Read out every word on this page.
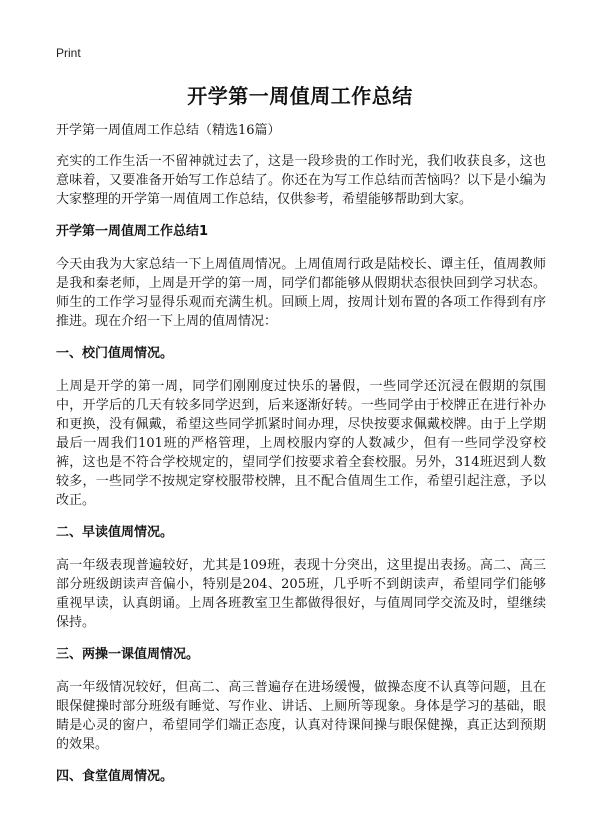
Print
开学第一周值周工作总结
开学第一周值周工作总结（精选16篇）

充实的工作生活一不留神就过去了，这是一段珍贵的工作时光，我们收获良多，这也意味着，又要准备开始写工作总结了。你还在为写工作总结而苦恼吗？以下是小编为大家整理的开学第一周值周工作总结，仅供参考，希望能够帮助到大家。

开学第一周值周工作总结1

今天由我为大家总结一下上周值周情况。上周值周行政是陆校长、谭主任，值周教师是我和秦老师，上周是开学的第一周，同学们都能够从假期状态很快回到学习状态。师生的工作学习显得乐观而充满生机。回顾上周，按周计划布置的各项工作得到有序推进。现在介绍一下上周的值周情况：

一、校门值周情况。

上周是开学的第一周，同学们刚刚度过快乐的暑假，一些同学还沉浸在假期的氛围中，开学后的几天有较多同学迟到，后来逐渐好转。一些同学由于校牌正在进行补办和更换，没有佩戴，希望这些同学抓紧时间办理，尽快按要求佩戴校牌。由于上学期最后一周我们101班的严格管理，上周校服内穿的人数减少，但有一些同学没穿校裤，这也是不符合学校规定的，望同学们按要求着全套校服。另外，314班迟到人数较多，一些同学不按规定穿校服带校牌，且不配合值周生工作，希望引起注意，予以改正。

二、早读值周情况。

高一年级表现普遍较好，尤其是109班，表现十分突出，这里提出表扬。高二、高三部分班级朗读声音偏小，特别是204、205班，几乎听不到朗读声，希望同学们能够重视早读，认真朗诵。上周各班教室卫生都做得很好，与值周同学交流及时，望继续保持。

三、两操一课值周情况。

高一年级情况较好，但高二、高三普遍存在进场缓慢，做操态度不认真等问题，且在眼保健操时部分班级有睡觉、写作业、讲话、上厕所等现象。身体是学习的基础，眼睛是心灵的窗户，希望同学们端正态度，认真对待课间操与眼保健操，真正达到预期的效果。

四、食堂值周情况。
